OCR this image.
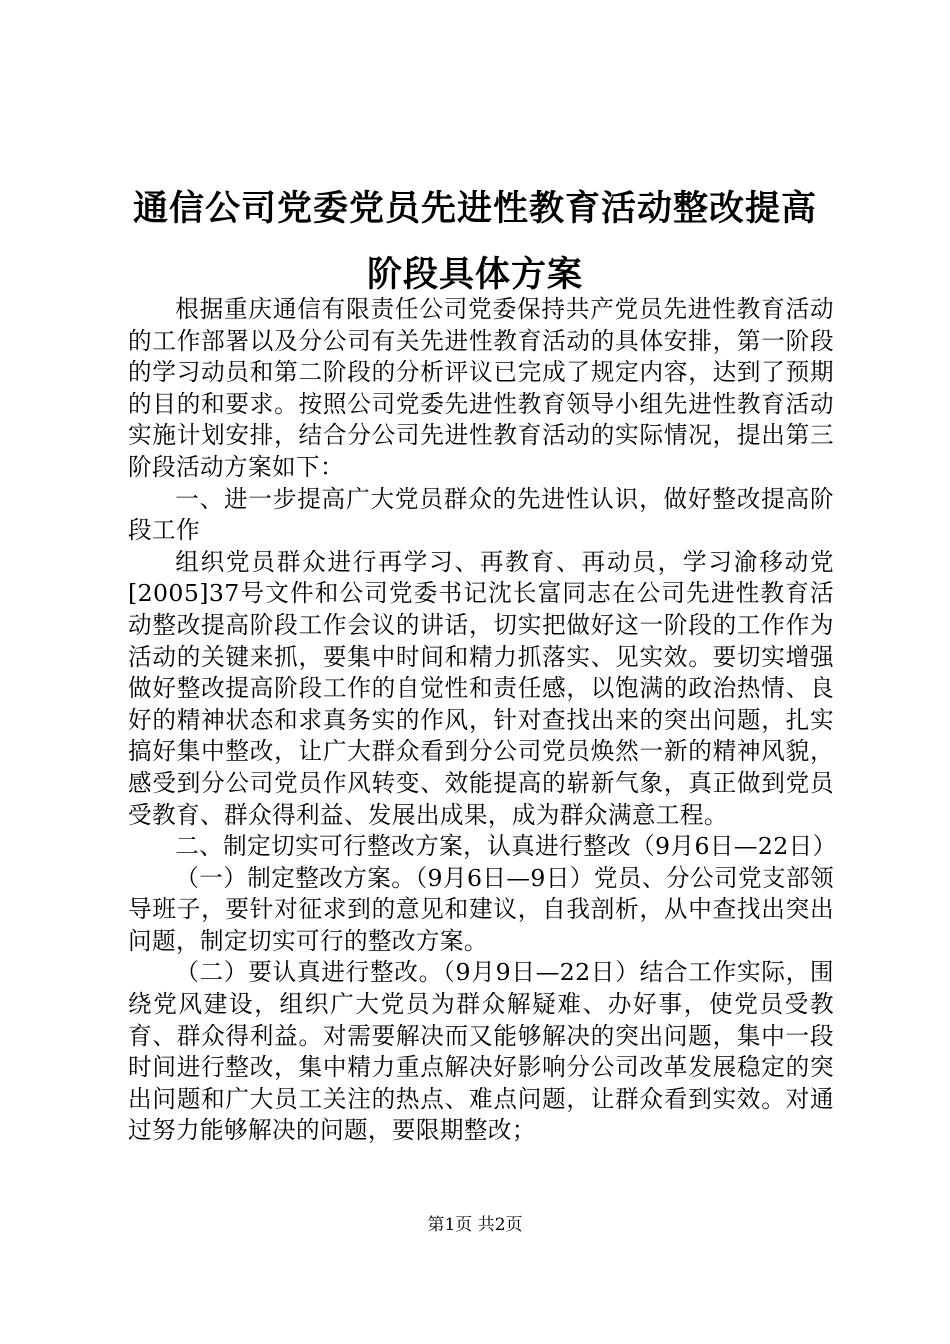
通信公司党委党员先进性教育活动整改提高阶段具体方案

根据重庆通信有限责任公司党委保持共产党员先进性教育活动的工作部署以及分公司有关先进性教育活动的具体安排，第一阶段的学习动员和第二阶段的分析评议已完成了规定内容，达到了预期的目的和要求。按照公司党委先进性教育领导小组先进性教育活动实施计划安排，结合分公司先进性教育活动的实际情况，提出第三阶段活动方案如下：

一、进一步提高广大党员群众的先进性认识，做好整改提高阶段工作

组织党员群众进行再学习、再教育、再动员，学习渝移动党[2005]37号文件和公司党委书记沈长富同志在公司先进性教育活动整改提高阶段工作会议的讲话，切实把做好这一阶段的工作作为活动的关键来抓，要集中时间和精力抓落实、见实效。要切实增强做好整改提高阶段工作的自觉性和责任感，以饱满的政治热情、良好的精神状态和求真务实的作风，针对查找出来的突出问题，扎实搞好集中整改，让广大群众看到分公司党员焕然一新的精神风貌，感受到分公司党员作风转变、效能提高的崭新气象，真正做到党员受教育、群众得利益、发展出成果，成为群众满意工程。

二、制定切实可行整改方案，认真进行整改（9月6日—22日）

（一）制定整改方案。（9月6日—9日）党员、分公司党支部领导班子，要针对征求到的意见和建议，自我剖析，从中查找出突出问题，制定切实可行的整改方案。

（二）要认真进行整改。（9月9日—22日）结合工作实际，围绕党风建设，组织广大党员为群众解疑难、办好事，使党员受教育、群众得利益。对需要解决而又能够解决的突出问题，集中一段时间进行整改，集中精力重点解决好影响分公司改革发展稳定的突出问题和广大员工关注的热点、难点问题，让群众看到实效。对通过努力能够解决的问题，要限期整改；

第1页 共2页
